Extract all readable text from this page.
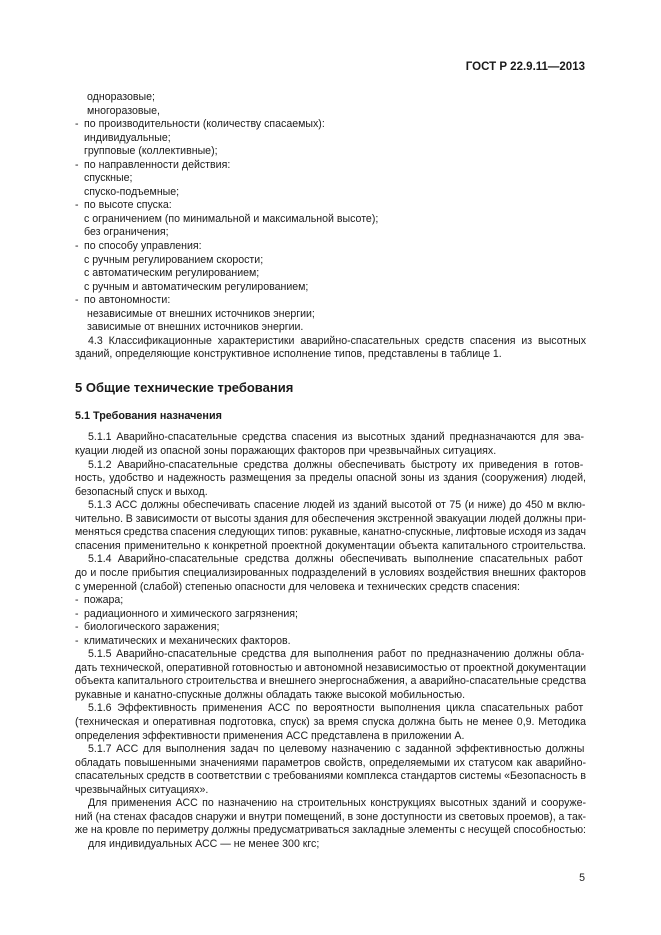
ГОСТ Р 22.9.11—2013
одноразовые;
многоразовые,
- по производительности (количеству спасаемых):
индивидуальные;
групповые (коллективные);
- по направленности действия:
спускные;
спуско-подъемные;
- по высоте спуска:
с ограничением (по минимальной и максимальной высоте);
без ограничения;
- по способу управления:
с ручным регулированием скорости;
с автоматическим регулированием;
с ручным и автоматическим регулированием;
- по автономности:
независимые от внешних источников энергии;
зависимые от внешних источников энергии.
4.3 Классификационные характеристики аварийно-спасательных средств спасения из высотных
зданий, определяющие конструктивное исполнение типов, представлены в таблице 1.
5 Общие технические требования
5.1 Требования назначения
5.1.1 Аварийно-спасательные средства спасения из высотных зданий предназначаются для эва-
куации людей из опасной зоны поражающих факторов при чрезвычайных ситуациях.
5.1.2 Аварийно-спасательные средства должны обеспечивать быстроту их приведения в готов-
ность, удобство и надежность размещения за пределы опасной зоны из здания (сооружения) людей,
безопасный спуск и выход.
5.1.3 АСС должны обеспечивать спасение людей из зданий высотой от 75 (и ниже) до 450 м вклю-
чительно. В зависимости от высоты здания для обеспечения экстренной эвакуации людей должны при-
меняться средства спасения следующих типов: рукавные, канатно-спускные, лифтовые исходя из задач
спасения применительно к конкретной проектной документации объекта капитального строительства.
5.1.4 Аварийно-спасательные средства должны обеспечивать выполнение спасательных работ
до и после прибытия специализированных подразделений в условиях воздействия внешних факторов
с умеренной (слабой) степенью опасности для человека и технических средств спасения:
- пожара;
- радиационного и химического загрязнения;
- биологического заражения;
- климатических и механических факторов.
5.1.5 Аварийно-спасательные средства для выполнения работ по предназначению должны обла-
дать технической, оперативной готовностью и автономной независимостью от проектной документации
объекта капитального строительства и внешнего энергоснабжения, а аварийно-спасательные средства
рукавные и канатно-спускные должны обладать также высокой мобильностью.
5.1.6 Эффективность применения АСС по вероятности выполнения цикла спасательных работ
(техническая и оперативная подготовка, спуск) за время спуска должна быть не менее 0,9. Методика
определения эффективности применения АСС представлена в приложении А.
5.1.7 АСС для выполнения задач по целевому назначению с заданной эффективностью должны
обладать повышенными значениями параметров свойств, определяемыми их статусом как аварийно-
спасательных средств в соответствии с требованиями комплекса стандартов системы «Безопасность в
чрезвычайных ситуациях».
Для применения АСС по назначению на строительных конструкциях высотных зданий и сооруже-
ний (на стенах фасадов снаружи и внутри помещений, в зоне доступности из световых проемов), а так-
же на кровле по периметру должны предусматриваться закладные элементы с несущей способностью:
для индивидуальных АСС — не менее 300 кгс;
5
